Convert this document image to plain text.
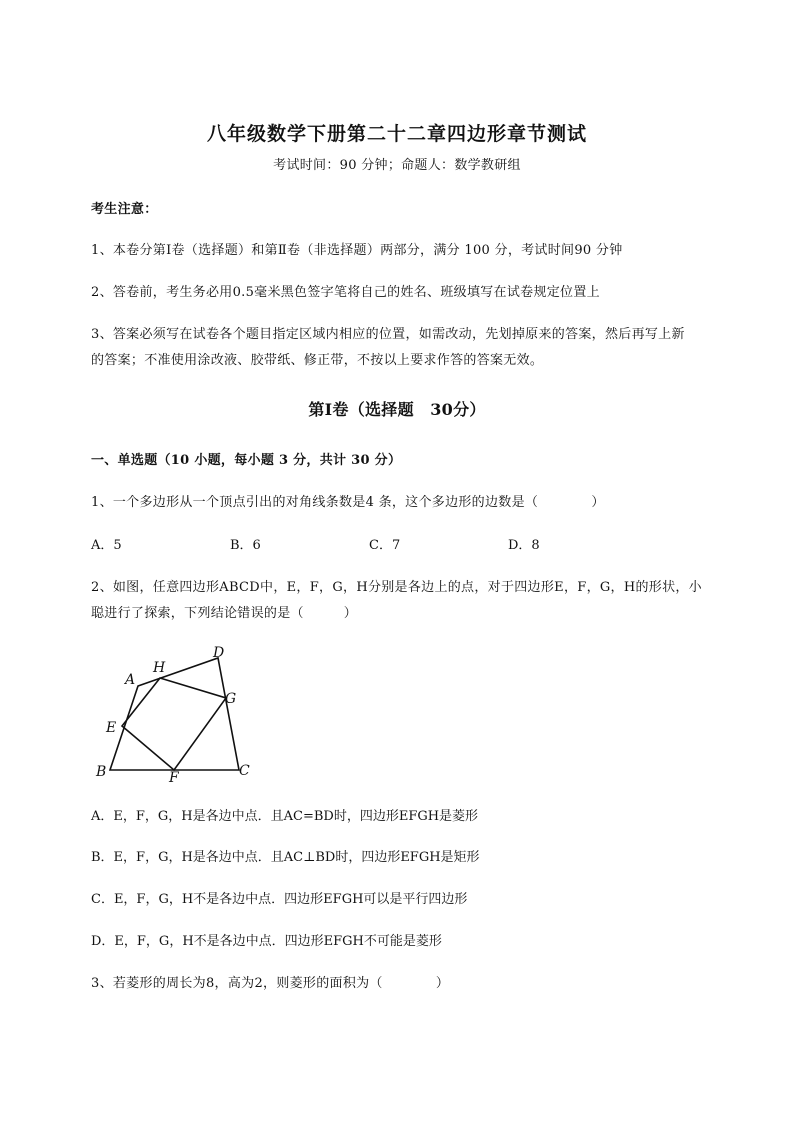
八年级数学下册第二十二章四边形章节测试
考试时间：90 分钟；命题人：数学教研组
考生注意：
1、本卷分第Ⅰ卷（选择题）和第Ⅱ卷（非选择题）两部分，满分 100 分，考试时间90 分钟
2、答卷前，考生务必用0.5毫米黑色签字笔将自己的姓名、班级填写在试卷规定位置上
3、答案必须写在试卷各个题目指定区域内相应的位置，如需改动，先划掉原来的答案，然后再写上新
的答案；不准使用涂改液、胶带纸、修正带，不按以上要求作答的答案无效。
第Ⅰ卷（选择题　30分）
一、单选题（10 小题，每小题 3 分，共计 30 分）
1、一个多边形从一个顶点引出的对角线条数是4 条，这个多边形的边数是（　　　　）
A．5	B．6	C．7	D．8
2、如图，任意四边形ABCD中，E，F，G，H分别是各边上的点，对于四边形E，F，G，H的形状，小
聪进行了探索，下列结论错误的是（　　　）
A
B	C
D
E
F
G
H
A．E，F，G，H是各边中点．且AC=BD时，四边形EFGH是菱形
B．E，F，G，H是各边中点．且AC⊥BD时，四边形EFGH是矩形
C．E，F，G，H不是各边中点．四边形EFGH可以是平行四边形
D．E，F，G，H不是各边中点．四边形EFGH不可能是菱形
3、若菱形的周长为8，高为2，则菱形的面积为（　　　　）
